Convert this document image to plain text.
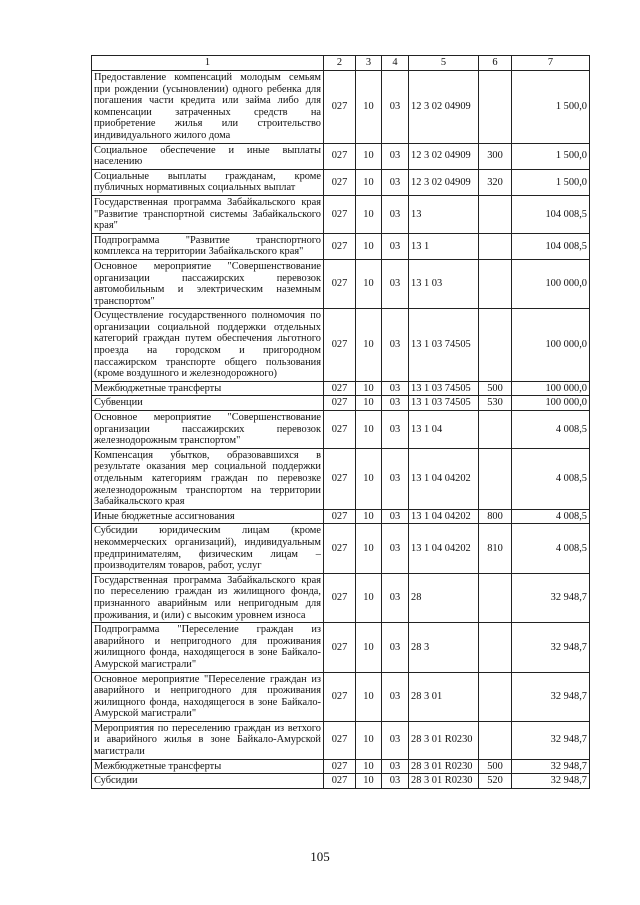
1	2	3	4	5	6	7
Предоставление компенсаций молодым семьям при рождении (усыновлении) одного ребенка для погашения части кредита или займа либо для компенсации затраченных средств на приобретение жилья или строительство индивидуального жилого дома	027	10	03	12 3 02 04909		1 500,0
Социальное обеспечение и иные выплаты населению	027	10	03	12 3 02 04909	300	1 500,0
Социальные выплаты гражданам, кроме публичных нормативных социальных выплат	027	10	03	12 3 02 04909	320	1 500,0
Государственная программа Забайкальского края "Развитие транспортной системы Забайкальского края"	027	10	03	13		104 008,5
Подпрограмма "Развитие транспортного комплекса на территории Забайкальского края"	027	10	03	13 1		104 008,5
Основное мероприятие "Совершенствование организации пассажирских перевозок автомобильным и электрическим наземным транспортом"	027	10	03	13 1 03		100 000,0
Осуществление государственного полномочия по организации социальной поддержки отдельных категорий граждан путем обеспечения льготного проезда на городском и пригородном пассажирском транспорте общего пользования (кроме воздушного и железнодорожного)	027	10	03	13 1 03 74505		100 000,0
Межбюджетные трансферты	027	10	03	13 1 03 74505	500	100 000,0
Субвенции	027	10	03	13 1 03 74505	530	100 000,0
Основное мероприятие "Совершенствование организации пассажирских перевозок железнодорожным транспортом"	027	10	03	13 1 04		4 008,5
Компенсация убытков, образовавшихся в результате оказания мер социальной поддержки отдельным категориям граждан по перевозке железнодорожным транспортом на территории Забайкальского края	027	10	03	13 1 04 04202		4 008,5
Иные бюджетные ассигнования	027	10	03	13 1 04 04202	800	4 008,5
Субсидии юридическим лицам (кроме некоммерческих организаций), индивидуальным предпринимателям, физическим лицам – производителям товаров, работ, услуг	027	10	03	13 1 04 04202	810	4 008,5
Государственная программа Забайкальского края по переселению граждан из жилищного фонда, признанного аварийным или непригодным для проживания, и (или) с высоким уровнем износа	027	10	03	28		32 948,7
Подпрограмма "Переселение граждан из аварийного и непригодного для проживания жилищного фонда, находящегося в зоне Байкало-Амурской магистрали"	027	10	03	28 3		32 948,7
Основное мероприятие "Переселение граждан из аварийного и непригодного для проживания жилищного фонда, находящегося в зоне Байкало-Амурской магистрали"	027	10	03	28 3 01		32 948,7
Мероприятия по переселению граждан из ветхого и аварийного жилья в зоне Байкало-Амурской магистрали	027	10	03	28 3 01 R0230		32 948,7
Межбюджетные трансферты	027	10	03	28 3 01 R0230	500	32 948,7
Субсидии	027	10	03	28 3 01 R0230	520	32 948,7
105
